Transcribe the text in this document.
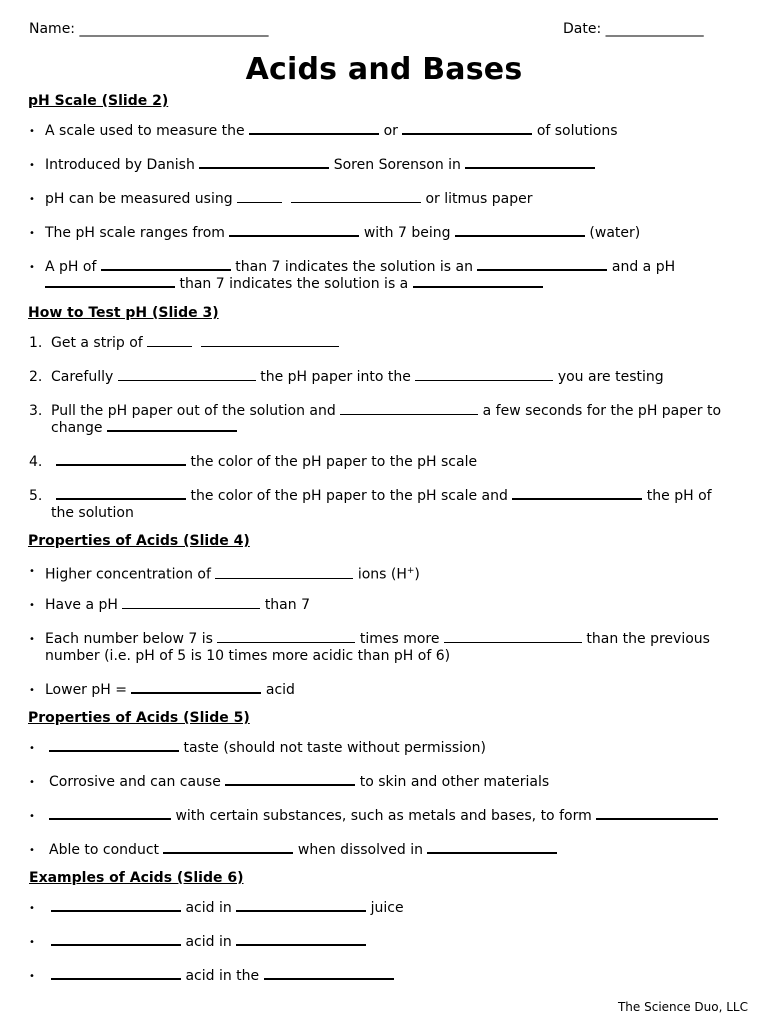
Name: ___________________________	Date: ______________
Acids and Bases
pH Scale (Slide 2)
• A scale used to measure the	or	of solutions
• Introduced by Danish	Soren Sorenson in
• pH can be measured using	or litmus paper
• The pH scale ranges from	with 7 being	(water)
• A pH of	than 7 indicates the solution is an	and a pH
than 7 indicates the solution is a
How to Test pH (Slide 3)
1. Get a strip of
2. Carefully	the pH paper into the	you are testing
3. Pull the pH paper out of the solution and	a few seconds for the pH paper to
change
4.	the color of the pH paper to the pH scale
5.	the color of the pH paper to the pH scale and	the pH of
the solution
Properties of Acids (Slide 4)
• Higher concentration of	ions (H+)
• Have a pH	than 7
• Each number below 7 is	times more	than the previous
number (i.e. pH of 5 is 10 times more acidic than pH of 6)
• Lower pH =	acid
Properties of Acids (Slide 5)
•	taste (should not taste without permission)
• Corrosive and can cause	to skin and other materials
•	with certain substances, such as metals and bases, to form
• Able to conduct	when dissolved in
Examples of Acids (Slide 6)
•	acid in	juice
•	acid in
•	acid in the
The Science Duo, LLC
